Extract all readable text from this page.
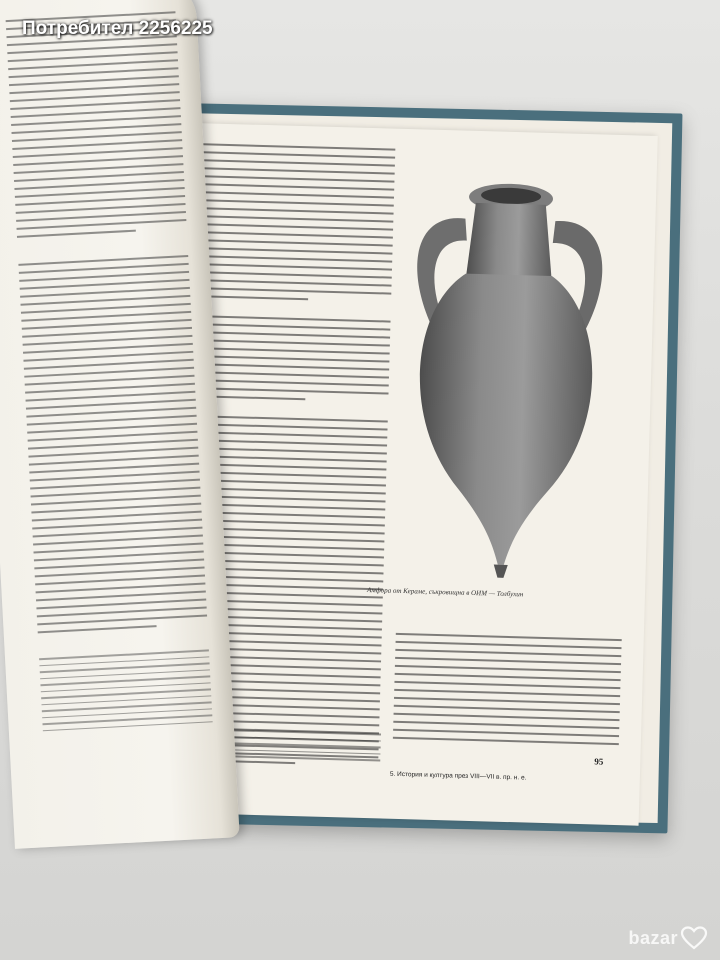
Амфора от Кераме, съкровищна в ОИМ — Толбухин
95
5. История и култура през VIII—VII в. пр. н. е.
Потребител 2256225
bazar
